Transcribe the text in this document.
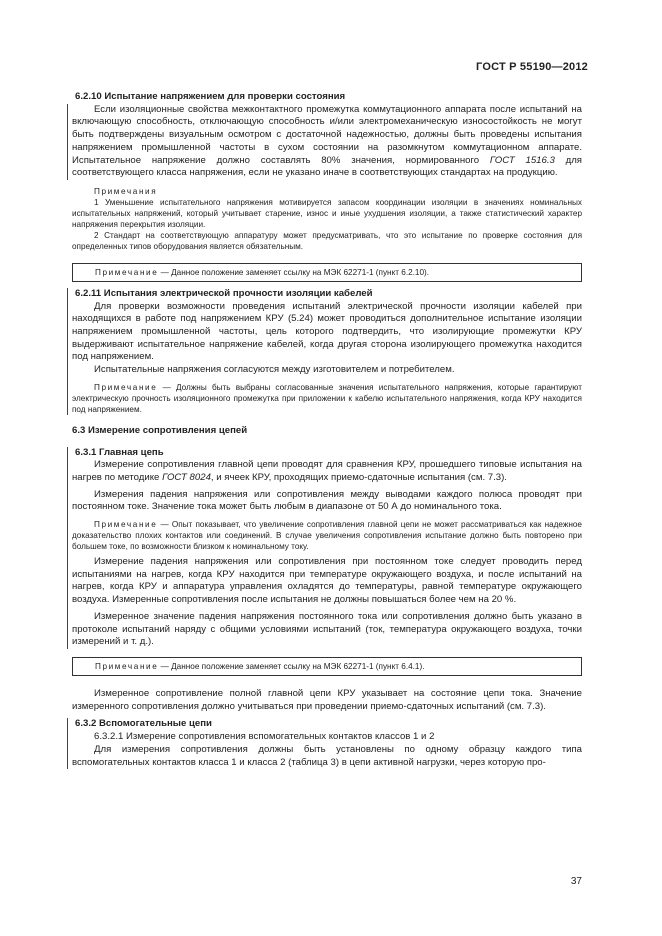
ГОСТ Р 55190—2012

6.2.10 Испытание напряжением для проверки состояния

Если изоляционные свойства межконтактного промежутка коммутационного аппарата после испытаний на включающую способность, отключающую способность и/или электромеханическую износостойкость не могут быть подтверждены визуальным осмотром с достаточной надежностью, должны быть проведены испытания напряжением промышленной частоты в сухом состоянии на разомкнутом коммутационном аппарате. Испытательное напряжение должно составлять 80% значения, нормированного ГОСТ 1516.3 для соответствующего класса напряжения, если не указано иначе в соответствующих стандартах на продукцию.

Примечания

1 Уменьшение испытательного напряжения мотивируется запасом координации изоляции в значениях номинальных испытательных напряжений, который учитывает старение, износ и иные ухудшения изоляции, а также статистический характер напряжения перекрытия изоляции.

2 Стандарт на соответствующую аппаратуру может предусматривать, что это испытание по проверке состояния для определенных типов оборудования является обязательным.

Примечание — Данное положение заменяет ссылку на МЭК 62271-1 (пункт 6.2.10).

6.2.11 Испытания электрической прочности изоляции кабелей

Для проверки возможности проведения испытаний электрической прочности изоляции кабелей при находящихся в работе под напряжением КРУ (5.24) может проводиться дополнительное испытание изоляции напряжением промышленной частоты, цель которого подтвердить, что изолирующие промежутки КРУ выдерживают испытательное напряжение кабелей, когда другая сторона изолирующего промежутка находится под напряжением.

Испытательные напряжения согласуются между изготовителем и потребителем.

Примечание — Должны быть выбраны согласованные значения испытательного напряжения, которые гарантируют электрическую прочность изоляционного промежутка при приложении к кабелю испытательного напряжения, когда КРУ находится под напряжением.

6.3 Измерение сопротивления цепей

6.3.1 Главная цепь

Измерение сопротивления главной цепи проводят для сравнения КРУ, прошедшего типовые испытания на нагрев по методике ГОСТ 8024, и ячеек КРУ, проходящих приемо-сдаточные испытания (см. 7.3).

Измерения падения напряжения или сопротивления между выводами каждого полюса проводят при постоянном токе. Значение тока может быть любым в диапазоне от 50 А до номинального тока.

Примечание — Опыт показывает, что увеличение сопротивления главной цепи не может рассматриваться как надежное доказательство плохих контактов или соединений. В случае увеличения сопротивления испытание должно быть повторено при большем токе, по возможности близком к номинальному току.

Измерение падения напряжения или сопротивления при постоянном токе следует проводить перед испытаниями на нагрев, когда КРУ находится при температуре окружающего воздуха, и после испытаний на нагрев, когда КРУ и аппаратура управления охладятся до температуры, равной температуре окружающего воздуха. Измеренные сопротивления после испытания не должны повышаться более чем на 20 %.

Измеренное значение падения напряжения постоянного тока или сопротивления должно быть указано в протоколе испытаний наряду с общими условиями испытаний (ток, температура окружающего воздуха, точки измерений и т. д.).

Примечание — Данное положение заменяет ссылку на МЭК 62271-1 (пункт 6.4.1).

Измеренное сопротивление полной главной цепи КРУ указывает на состояние цепи тока. Значение измеренного сопротивления должно учитываться при проведении приемо-сдаточных испытаний (см. 7.3).

6.3.2 Вспомогательные цепи

6.3.2.1 Измерение сопротивления вспомогательных контактов классов 1 и 2

Для измерения сопротивления должны быть установлены по одному образцу каждого типа вспомогательных контактов класса 1 и класса 2 (таблица 3) в цепи активной нагрузки, через которую про-

37
